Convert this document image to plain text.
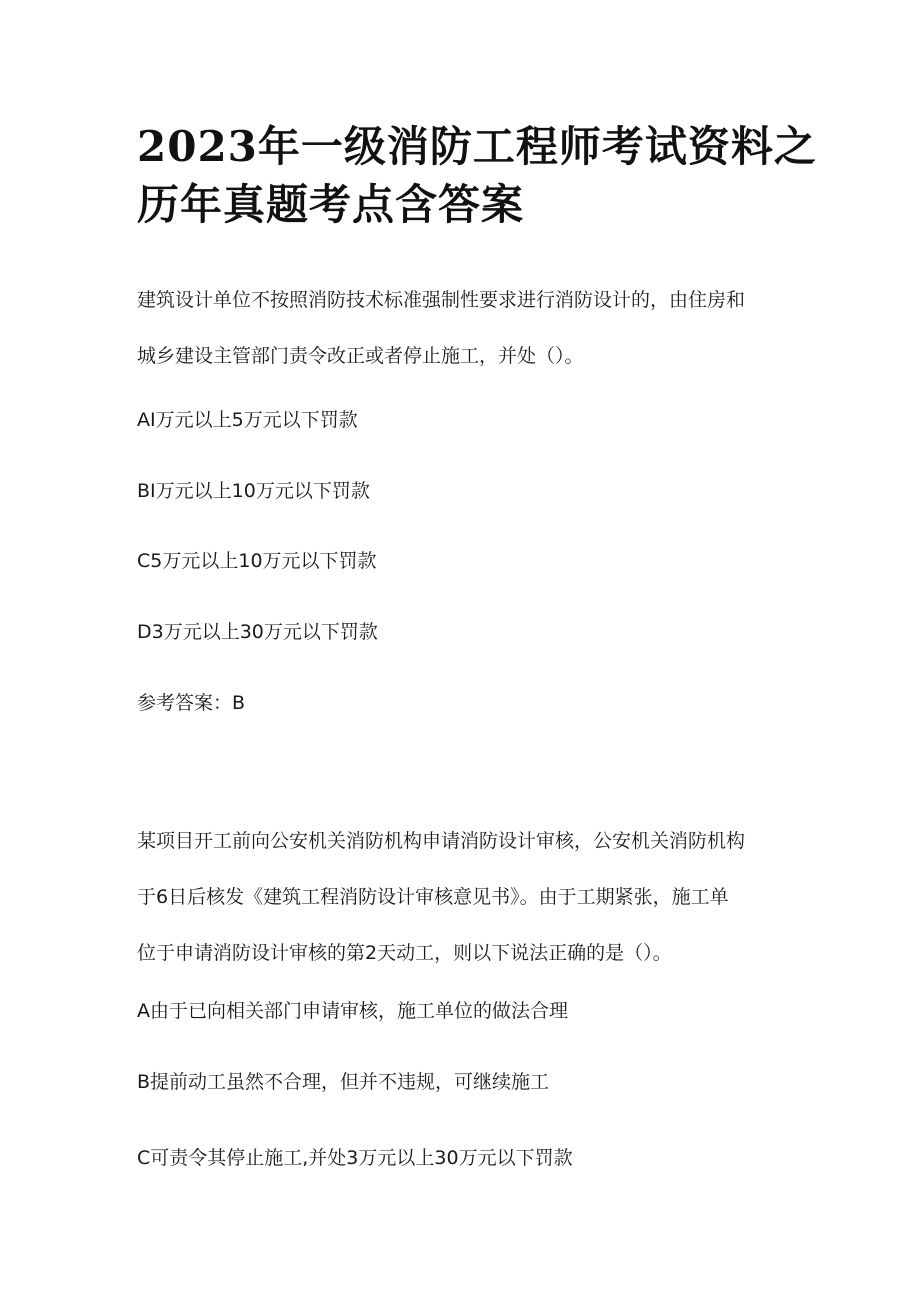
2023年一级消防工程师考试资料之
历年真题考点含答案

建筑设计单位不按照消防技术标准强制性要求进行消防设计的，由住房和
城乡建设主管部门责令改正或者停止施工，并处（）。

AI万元以上5万元以下罚款

BI万元以上10万元以下罚款

C5万元以上10万元以下罚款

D3万元以上30万元以下罚款

参考答案：B

某项目开工前向公安机关消防机构申请消防设计审核，公安机关消防机构
于6日后核发《建筑工程消防设计审核意见书》。由于工期紧张，施工单
位于申请消防设计审核的第2天动工，则以下说法正确的是（）。

A由于已向相关部门申请审核，施工单位的做法合理

B提前动工虽然不合理，但并不违规，可继续施工

C可责令其停止施工,并处3万元以上30万元以下罚款
